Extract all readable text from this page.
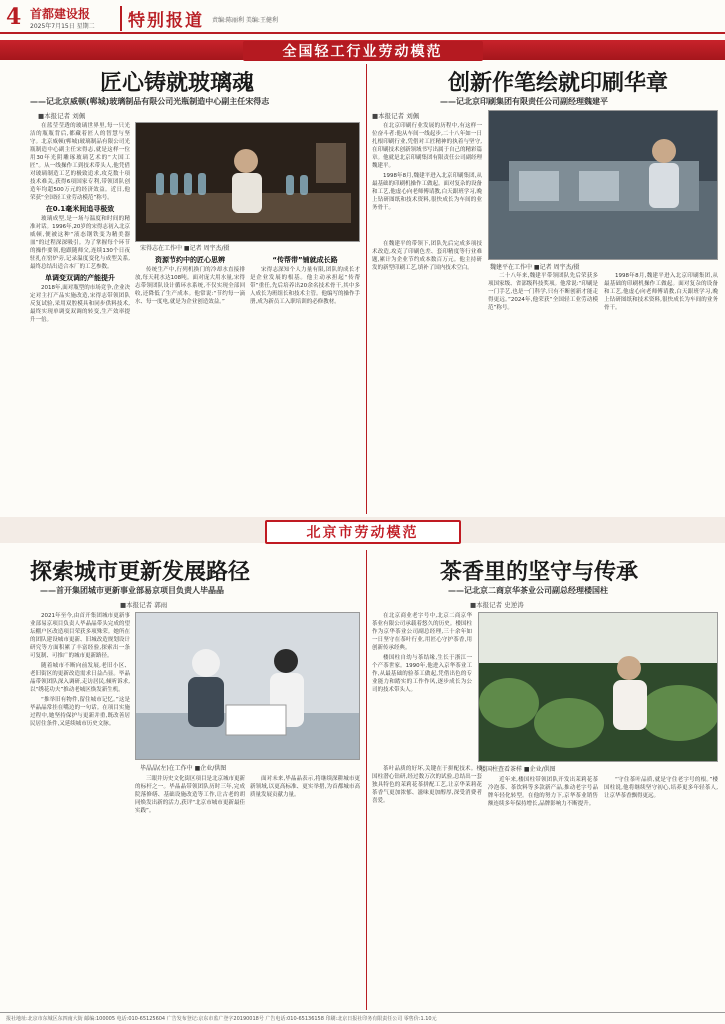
4 首都建设报
2025年7月15日 星期二	特别报道 责编:陈丽利 美编:王健利
全国轻工行业劳动模范
匠心铸就玻璃魂
——记北京威顿(郸城)玻璃制品有限公司光瓶制造中心副主任宋得志
■本报记者 刘佩

在蓝莹莹透的玻璃世界里,每一只光洁的瓶瓶背后,都藏着匠人的智慧与坚守。北京威顿(郸城)玻璃制品有限公司光瓶制造中心副主任宋得志,就是这样一位用30年光阴雕琢玻璃艺术的“大国工匠”。从一线操作工到技术带头人,他凭借对玻璃制造工艺的极致追求,攻克数十项技术难关,获得6项国家专利,带领团队创造年均超500万元的经济效益。近日,他荣获“全国轻工业劳动模范”称号。

在0.1毫米间追寻极致

玻璃成型,是一场与温度和时间的精准对话。1996年,20岁的宋得志初入北京威顿,便被这种“液态钢铁变为精美器皿”的过程深深吸引。为了掌握每个环节的操作要领,他跟随师父,连续130个日夜驻扎在窑炉旁,记录温度变化与成型关系,最终总结出适合本厂的工艺参数。

单调变双调的产能提升

2018年,面对瓶型的市场竞争,企业决定对主打产品实施改造,宋得志带领团队反复试验,采用双腔模具和同步供料技术,最终实现单调变双调的转变,生产效率提升一倍。

宋得志在工作中 ■记者 周宇杰/摄

资源节约中的匠心思辨

传统生产中,行列机换门的冷却水直接排放,每天耗水达108吨。面对庞大用水量,宋得志带领团队设计循环水系统,不仅实现全部回收,还降低了生产成本。他常说:“节约每一滴水、每一度电,就是为企业创造效益。”

“传帮带”铺就成长路

宋得志深知个人力量有限,团队的成长才是企业发展的根基。他主动承担起“传帮带”重任,先后培养出20余名技术骨干,其中多人成长为班组长和技术主管。他编写的操作手册,成为新员工入职培训的必修教材。

创新作笔绘就印刷华章
——记北京印刷集团有限责任公司副经理魏建平
■本报记者 刘佩

在北京印刷行业发展的历程中,有这样一位奋斗者:他从车间一线起步,二十八年如一日扎根印刷行业,凭借对工匠精神的执着与坚守,在印刷技术创新领域书写出属于自己的精彩篇章。他就是北京印刷集团有限责任公司副经理魏建平。

1998年8月,魏建平进入北京印刷集团,从最基础的印刷机操作工做起。面对复杂的设备和工艺,他虚心向老师傅请教,白天跟班学习,晚上钻研图纸和技术资料,很快成长为车间的业务骨干。

魏建平在工作中 ■记者 周宇杰/摄

在魏建平的带领下,团队先后完成多项技术改造,攻克了印刷色差、套印精度等行业难题,累计为企业节约成本数百万元。他主持研发的新型印刷工艺,填补了国内技术空白。

二十八年来,魏建平带领团队先后荣获多项国家级、省部级科技奖项。他常说:“印刷是一门手艺,也是一门科学,只有不断创新才能走得更远。”2024年,他荣获“全国轻工业劳动模范”称号。

1998年8月,魏建平进入北京印刷集团,从最基础的印刷机操作工做起。面对复杂的设备和工艺,他虚心向老师傅请教,白天跟班学习,晚上钻研图纸和技术资料,很快成长为车间的业务骨干。

北京市劳动模范
探索城市更新发展路径
——首开集团城市更新事业部易京项目负责人毕晶晶
■本报记者 郭雨

2021年至今,由首开集团城市更新事业部易京项目负责人毕晶晶带头完成的望坛棚户区改造项目荣获多项殊荣。她所在的团队建设城市更新、旧城改造规划设计研究等方面积累了丰富经验,探索出一条可复制、可推广的城市更新路径。

随着城市不断向前发展,老旧小区、老旧街区的更新改造需求日益凸显。毕晶晶带领团队深入调研,走访居民,倾听诉求,以“绣花功夫”推动老城区焕发新生机。

“推举旧有物件,留住城市记忆。”这是毕晶晶常挂在嘴边的一句话。在项目实施过程中,她坚持保护与更新并重,既改善居民居住条件,又延续城市历史文脉。

毕晶晶(左)在工作中 ■企业/供图

三眼井历史文化街区项目是北京城市更新的标杆之一。毕晶晶带领团队历时三年,完成院落修缮、基础设施改造等工作,让古老的胡同焕发出新的活力,获评“北京市城市更新最佳实践”。

面对未来,毕晶晶表示,将继续深耕城市更新领域,以更高标准、更实举措,为首都城市高质量发展贡献力量。

茶香里的坚守与传承
——记北京二商京华茶业公司副总经理楼国柱
■本报记者 史逆涛

在北京商业老字号中,北京二商京华茶业有限公司承载着悠久的历史。楼国柱作为京华茶业公司副总经理,三十余年如一日坚守在茶叶行业,用匠心守护茶香,用创新传承经典。

楼国柱自幼与茶结缘,生长于浙江一个产茶世家。1990年,他进入京华茶业工作,从最基础的验茶工做起,凭借出色的专业能力和踏实的工作作风,逐步成长为公司的技术带头人。

楼国柱查看茶样 ■企业/供图

茶叶品质的好坏,关键在于拼配技术。楼国柱潜心钻研,经过数万次的试验,总结出一套独具特色的茉莉花茶拼配工艺,让京华茉莉花茶香气更加浓郁、滋味更加醇厚,深受消费者喜爱。

近年来,楼国柱带领团队开发出茉莉花茶冷泡茶、茶饮料等多款新产品,推动老字号品牌年轻化转型。在他的努力下,京华茶业销售额连续多年保持增长,品牌影响力不断提升。

“守住茶叶品质,就是守住老字号的根。”楼国柱说,他将继续坚守初心,培养更多年轻茶人,让京华茶香飘得更远。

报社地址:北京市东城区东四南大街 邮编:100005 电话:010-65125604 广告发布登记:京东市监广登字20190018号 广告电话:010-65136158 印刷:北京日报社印务有限责任公司 零售价:1.10元
